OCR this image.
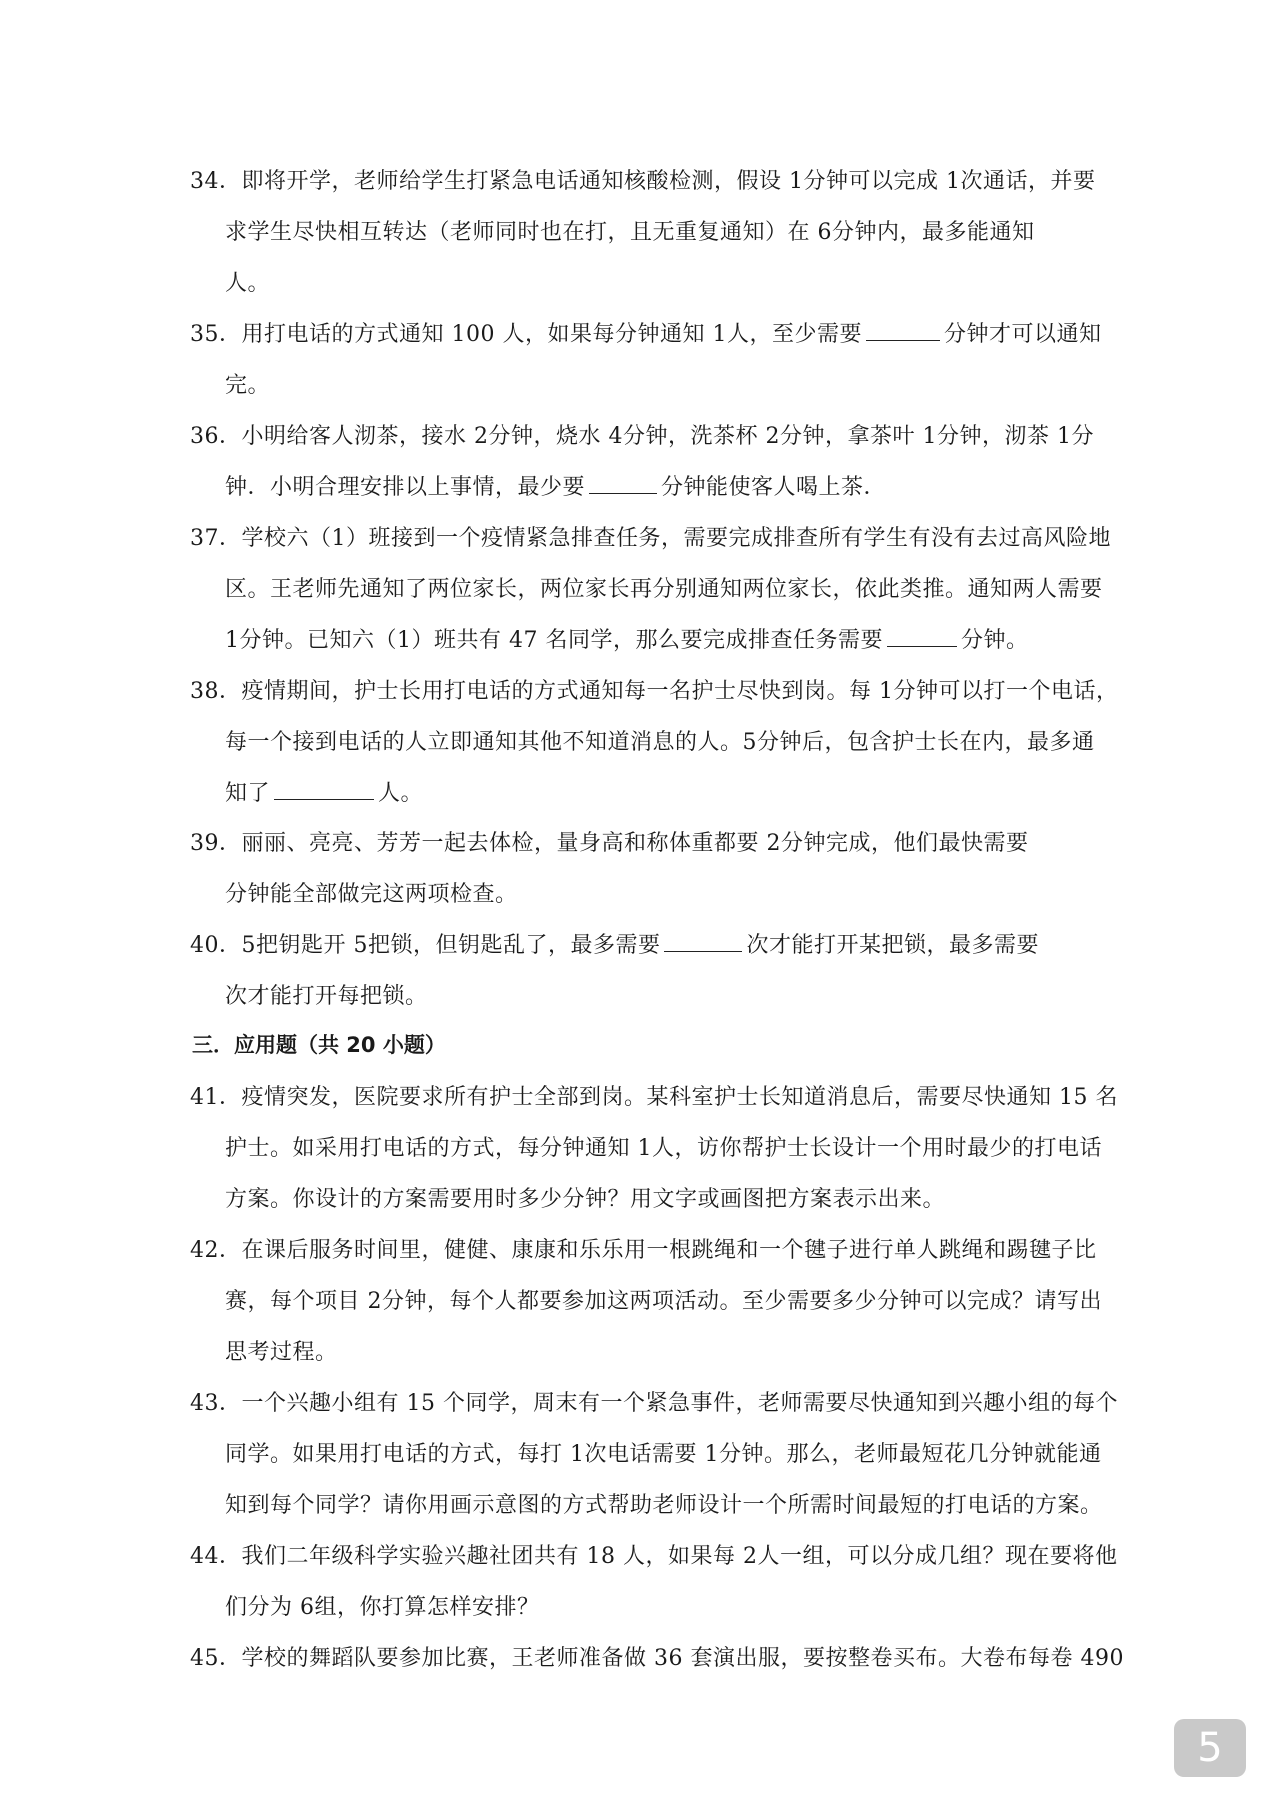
34．即将开学，老师给学生打紧急电话通知核酸检测，假设 1分钟可以完成 1次通话，并要
求学生尽快相互转达（老师同时也在打，且无重复通知）在 6分钟内，最多能通知
人。
35．用打电话的方式通知 100 人，如果每分钟通知 1人，至少需要	分钟才可以通知
完。
36．小明给客人沏茶，接水 2分钟，烧水 4分钟，洗茶杯 2分钟，拿茶叶 1分钟，沏茶 1分
钟．小明合理安排以上事情，最少要	分钟能使客人喝上茶．
37．学校六（1）班接到一个疫情紧急排查任务，需要完成排查所有学生有没有去过高风险地
区。王老师先通知了两位家长，两位家长再分别通知两位家长，依此类推。通知两人需要
1分钟。已知六（1）班共有 47 名同学，那么要完成排查任务需要	分钟。
38．疫情期间，护士长用打电话的方式通知每一名护士尽快到岗。每 1分钟可以打一个电话，
每一个接到电话的人立即通知其他不知道消息的人。5分钟后，包含护士长在内，最多通
知了	人。
39．丽丽、亮亮、芳芳一起去体检，量身高和称体重都要 2分钟完成，他们最快需要
分钟能全部做完这两项检查。
40．5把钥匙开 5把锁，但钥匙乱了，最多需要	次才能打开某把锁，最多需要
次才能打开每把锁。
三．应用题（共 20 小题）
41．疫情突发，医院要求所有护士全部到岗。某科室护士长知道消息后，需要尽快通知 15 名
护士。如采用打电话的方式，每分钟通知 1人，访你帮护士长设计一个用时最少的打电话
方案。你设计的方案需要用时多少分钟？用文字或画图把方案表示出来。
42．在课后服务时间里，健健、康康和乐乐用一根跳绳和一个毽子进行单人跳绳和踢毽子比
赛，每个项目 2分钟，每个人都要参加这两项活动。至少需要多少分钟可以完成？请写出
思考过程。
43．一个兴趣小组有 15 个同学，周末有一个紧急事件，老师需要尽快通知到兴趣小组的每个
同学。如果用打电话的方式，每打 1次电话需要 1分钟。那么，老师最短花几分钟就能通
知到每个同学？请你用画示意图的方式帮助老师设计一个所需时间最短的打电话的方案。
44．我们二年级科学实验兴趣社团共有 18 人，如果每 2人一组，可以分成几组？现在要将他
们分为 6组，你打算怎样安排？
45．学校的舞蹈队要参加比赛，王老师准备做 36 套演出服，要按整卷买布。大卷布每卷 490
5
